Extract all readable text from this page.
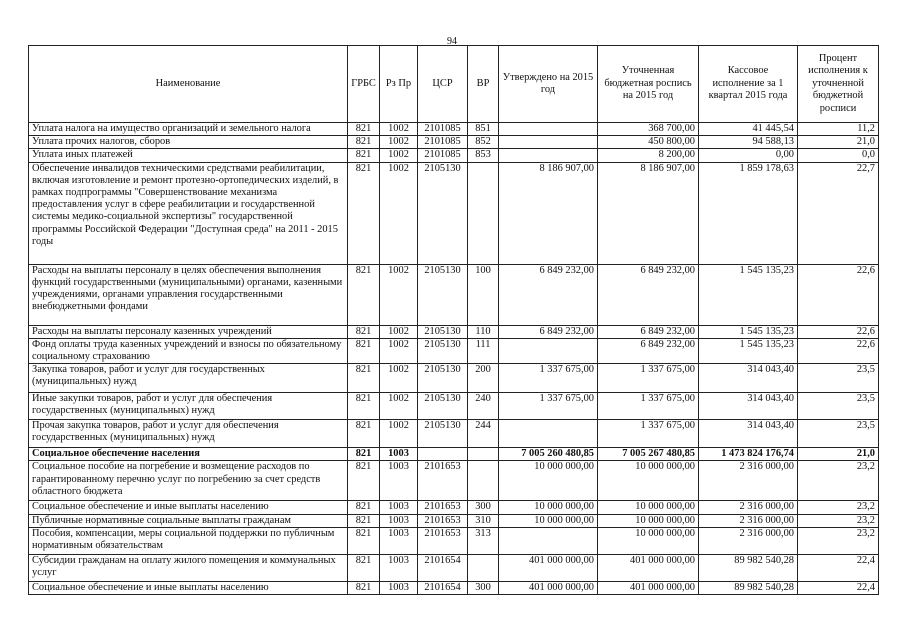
94
Наименование	ГРБС	Рз Пр	ЦСР	ВР	Утверждено на 2015 год	Уточненная бюджетная роспись на 2015 год	Кассовое исполнение за 1 квартал 2015 года	Процент исполнения к уточненной бюджетной росписи
Уплата налога на имущество организаций и земельного налога	821	1002	2101085	851		368 700,00	41 445,54	11,2
Уплата прочих налогов, сборов	821	1002	2101085	852		450 800,00	94 588,13	21,0
Уплата иных платежей	821	1002	2101085	853		8 200,00	0,00	0,0
Обеспечение инвалидов техническими средствами реабилитации, включая изготовление и ремонт протезно-ортопедических изделий, в рамках подпрограммы "Совершенствование механизма предоставления услуг в сфере реабилитации и государственной системы медико-социальной экспертизы" государственной программы Российской Федерации "Доступная среда" на 2011 - 2015 годы	821	1002	2105130		8 186 907,00	8 186 907,00	1 859 178,63	22,7
Расходы на выплаты персоналу в целях обеспечения выполнения функций государственными (муниципальными) органами, казенными учреждениями, органами управления государственными внебюджетными фондами	821	1002	2105130	100	6 849 232,00	6 849 232,00	1 545 135,23	22,6
Расходы на выплаты персоналу казенных учреждений	821	1002	2105130	110	6 849 232,00	6 849 232,00	1 545 135,23	22,6
Фонд оплаты труда казенных учреждений и взносы по обязательному социальному страхованию	821	1002	2105130	111		6 849 232,00	1 545 135,23	22,6
Закупка товаров, работ и услуг для государственных (муниципальных) нужд	821	1002	2105130	200	1 337 675,00	1 337 675,00	314 043,40	23,5
Иные закупки товаров, работ и услуг для обеспечения государственных (муниципальных) нужд	821	1002	2105130	240	1 337 675,00	1 337 675,00	314 043,40	23,5
Прочая закупка товаров, работ и услуг для обеспечения государственных (муниципальных) нужд	821	1002	2105130	244		1 337 675,00	314 043,40	23,5
Социальное обеспечение населения	821	1003			7 005 260 480,85	7 005 267 480,85	1 473 824 176,74	21,0
Социальное пособие на погребение и возмещение расходов по гарантированному перечню услуг по погребению за счет средств областного бюджета	821	1003	2101653		10 000 000,00	10 000 000,00	2 316 000,00	23,2
Социальное обеспечение и иные выплаты населению	821	1003	2101653	300	10 000 000,00	10 000 000,00	2 316 000,00	23,2
Публичные нормативные социальные выплаты гражданам	821	1003	2101653	310	10 000 000,00	10 000 000,00	2 316 000,00	23,2
Пособия, компенсации, меры социальной поддержки по публичным нормативным обязательствам	821	1003	2101653	313		10 000 000,00	2 316 000,00	23,2
Субсидии гражданам на оплату жилого помещения и коммунальных услуг	821	1003	2101654		401 000 000,00	401 000 000,00	89 982 540,28	22,4
Социальное обеспечение и иные выплаты населению	821	1003	2101654	300	401 000 000,00	401 000 000,00	89 982 540,28	22,4
